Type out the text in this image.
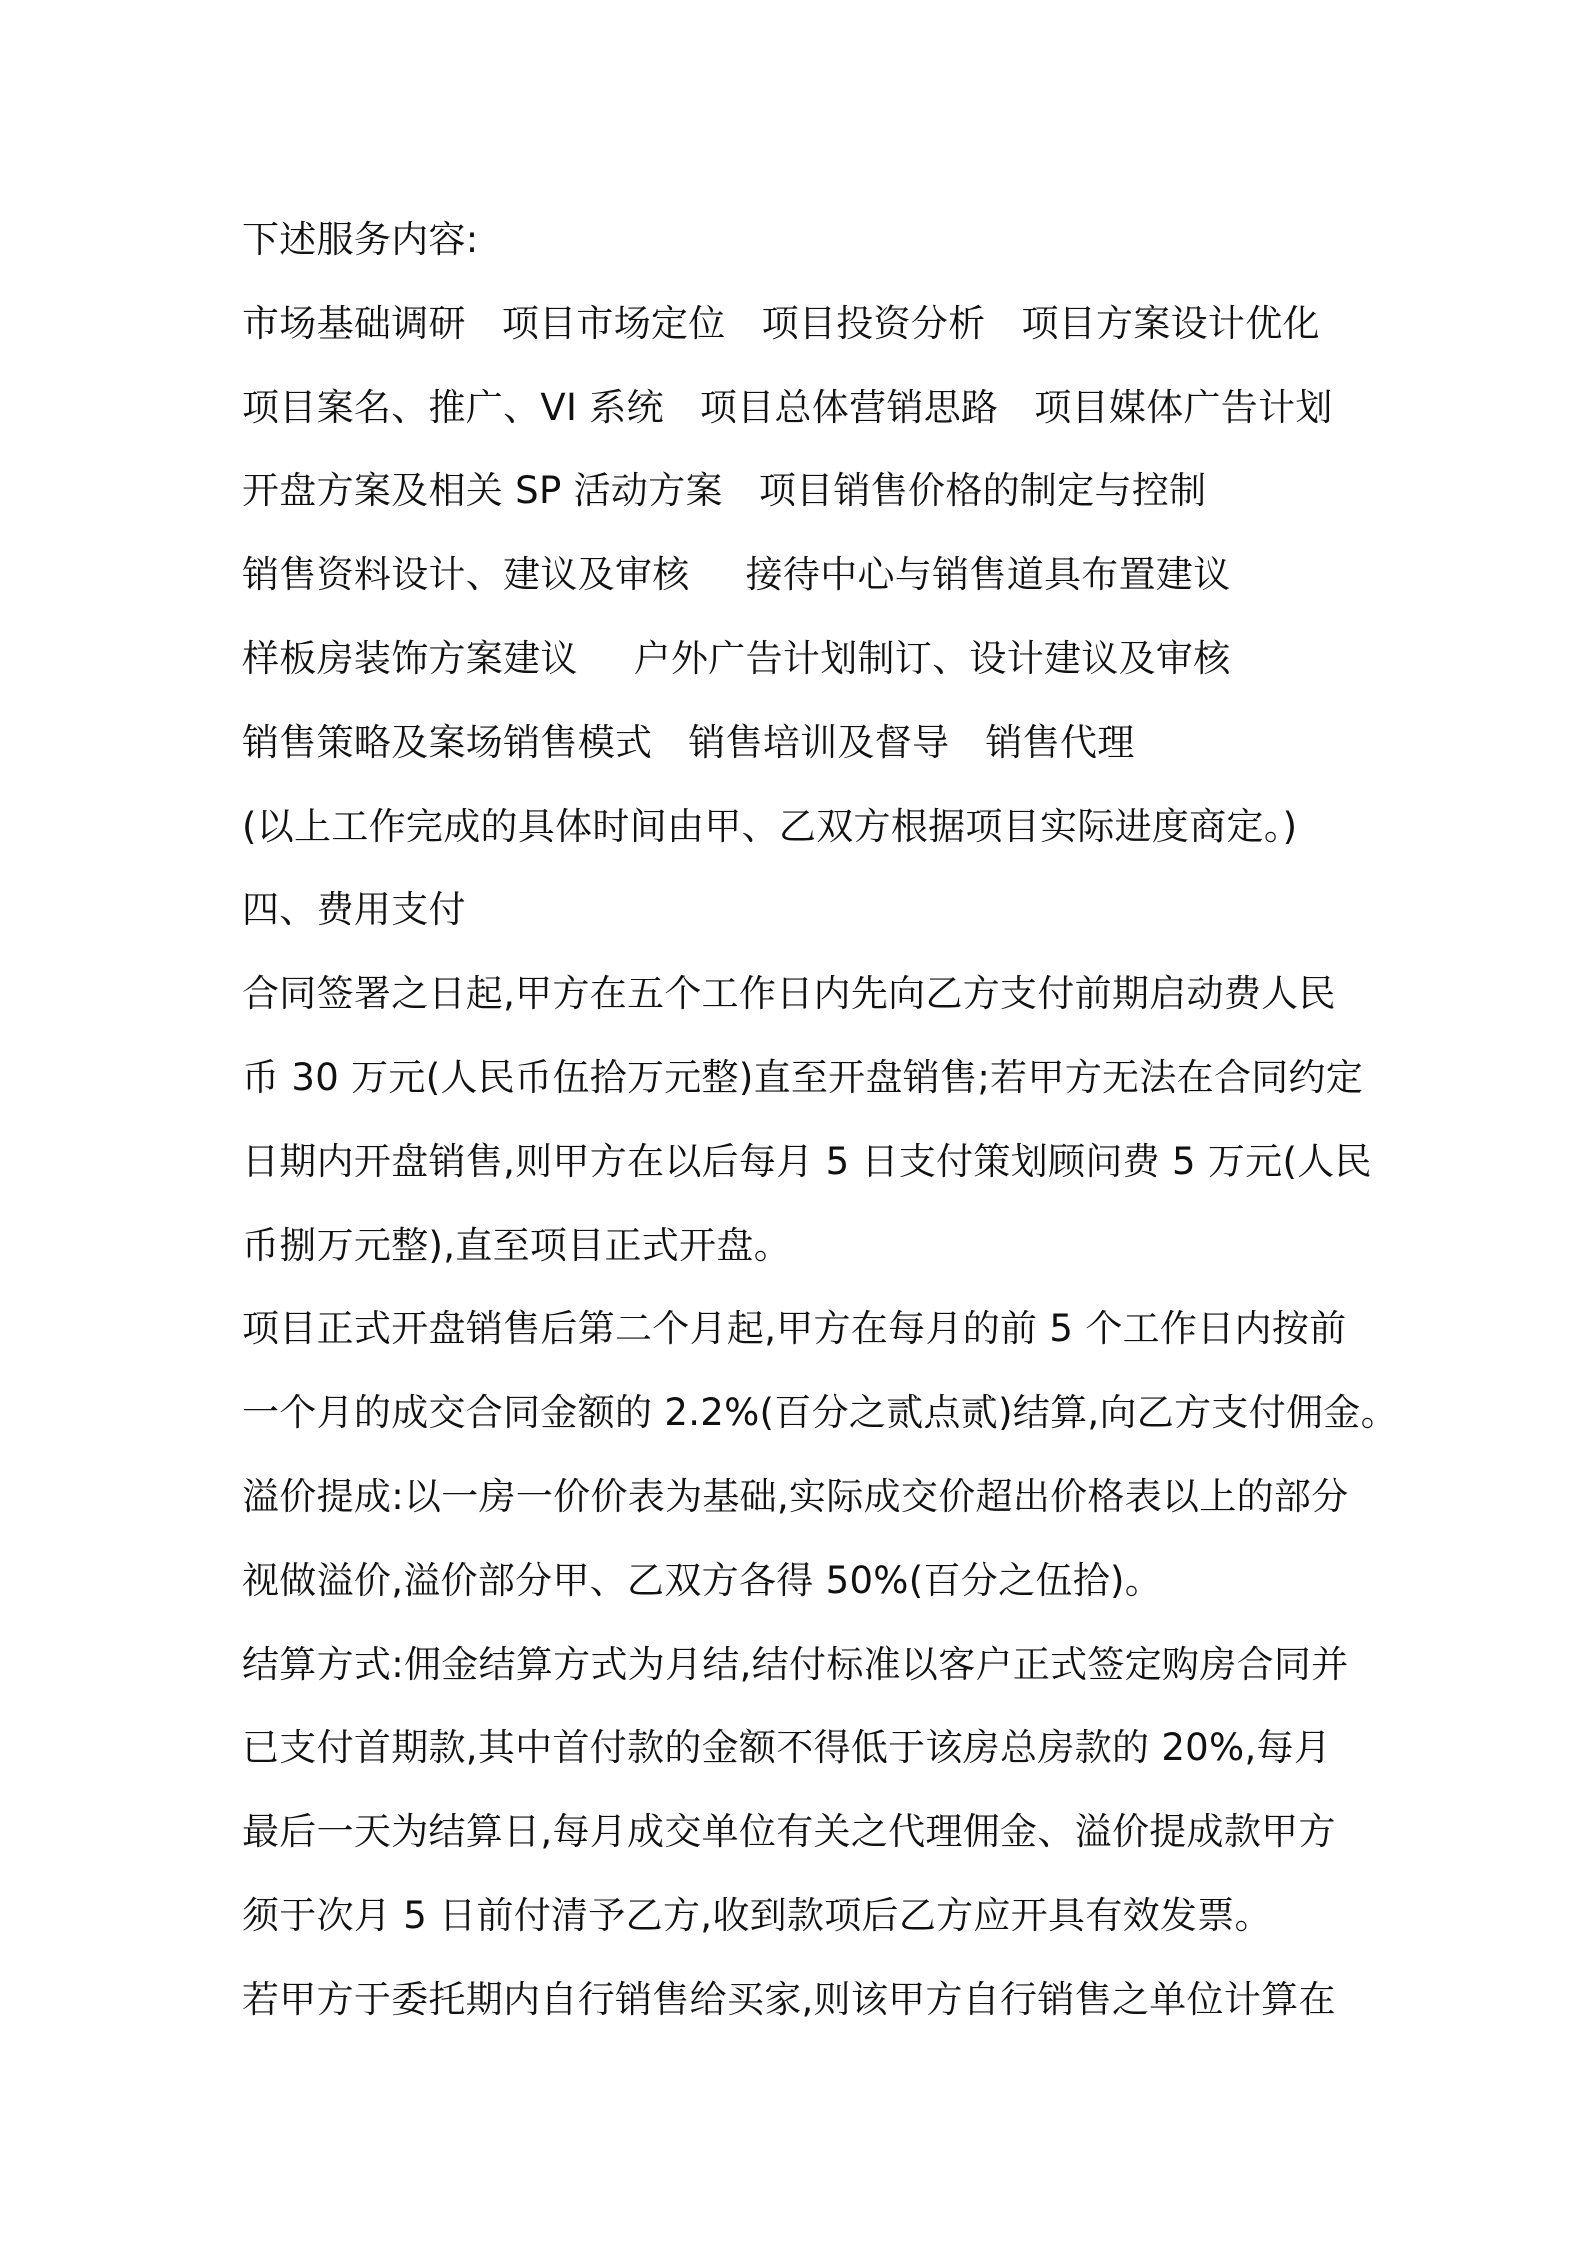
下述服务内容:
市场基础调研 项目市场定位 项目投资分析 项目方案设计优化
项目案名、推广、VI 系统 项目总体营销思路 项目媒体广告计划
开盘方案及相关 SP 活动方案 项目销售价格的制定与控制
销售资料设计、建议及审核 接待中心与销售道具布置建议
样板房装饰方案建议 户外广告计划制订、设计建议及审核
销售策略及案场销售模式 销售培训及督导 销售代理
(以上工作完成的具体时间由甲、乙双方根据项目实际进度商定。)
四、费用支付
合同签署之日起,甲方在五个工作日内先向乙方支付前期启动费人民
币 30 万元(人民币伍拾万元整)直至开盘销售;若甲方无法在合同约定
日期内开盘销售,则甲方在以后每月 5 日支付策划顾问费 5 万元(人民
币捌万元整),直至项目正式开盘。
项目正式开盘销售后第二个月起,甲方在每月的前 5 个工作日内按前
一个月的成交合同金额的 2.2%(百分之贰点贰)结算,向乙方支付佣金。
溢价提成:以一房一价价表为基础,实际成交价超出价格表以上的部分
视做溢价,溢价部分甲、乙双方各得 50%(百分之伍拾)。
结算方式:佣金结算方式为月结,结付标准以客户正式签定购房合同并
已支付首期款,其中首付款的金额不得低于该房总房款的 20%,每月
最后一天为结算日,每月成交单位有关之代理佣金、溢价提成款甲方
须于次月 5 日前付清予乙方,收到款项后乙方应开具有效发票。
若甲方于委托期内自行销售给买家,则该甲方自行销售之单位计算在
